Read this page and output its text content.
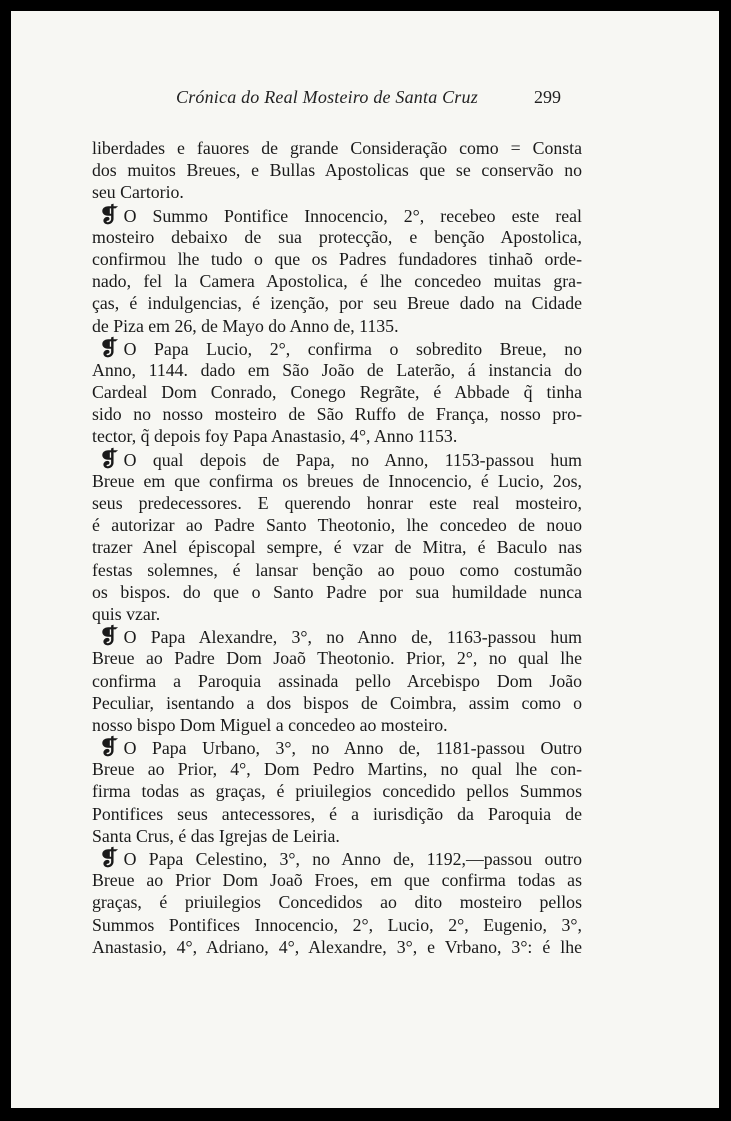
Crónica do Real Mosteiro de Santa Cruz	299
liberdades e fauores de grande Consideração como = Consta
dos muitos Breues, e Bullas Apostolicas que se conservão no
seu Cartorio.
❡ O Summo Pontifice Innocencio, 2°, recebeo este real
mosteiro debaixo de sua protecção, e benção Apostolica,
confirmou lhe tudo o que os Padres fundadores tinhaõ orde-
nado, fel la Camera Apostolica, é lhe concedeo muitas gra-
ças, é indulgencias, é izenção, por seu Breue dado na Cidade
de Piza em 26, de Mayo do Anno de, 1135.
❡ O Papa Lucio, 2°, confirma o sobredito Breue, no
Anno, 1144. dado em São João de Laterão, á instancia do
Cardeal Dom Conrado, Conego Regrãte, é Abbade q̃ tinha
sido no nosso mosteiro de São Ruffo de França, nosso pro-
tector, q̃ depois foy Papa Anastasio, 4°, Anno 1153.
❡ O qual depois de Papa, no Anno, 1153-passou hum
Breue em que confirma os breues de Innocencio, é Lucio, 2os,
seus predecessores. E querendo honrar este real mosteiro,
é autorizar ao Padre Santo Theotonio, lhe concedeo de nouo
trazer Anel épiscopal sempre, é vzar de Mitra, é Baculo nas
festas solemnes, é lansar benção ao pouo como costumão
os bispos. do que o Santo Padre por sua humildade nunca
quis vzar.
❡ O Papa Alexandre, 3°, no Anno de, 1163-passou hum
Breue ao Padre Dom Joaõ Theotonio. Prior, 2°, no qual lhe
confirma a Paroquia assinada pello Arcebispo Dom João
Peculiar, isentando a dos bispos de Coimbra, assim como o
nosso bispo Dom Miguel a concedeo ao mosteiro.
❡ O Papa Urbano, 3°, no Anno de, 1181-passou Outro
Breue ao Prior, 4°, Dom Pedro Martins, no qual lhe con-
firma todas as graças, é priuilegios concedido pellos Summos
Pontifices seus antecessores, é a iurisdição da Paroquia de
Santa Crus, é das Igrejas de Leiria.
❡ O Papa Celestino, 3°, no Anno de, 1192,—passou outro
Breue ao Prior Dom Joaõ Froes, em que confirma todas as
graças, é priuilegios Concedidos ao dito mosteiro pellos
Summos Pontifices Innocencio, 2°, Lucio, 2°, Eugenio, 3°,
Anastasio, 4°, Adriano, 4°, Alexandre, 3°, e Vrbano, 3°: é lhe
